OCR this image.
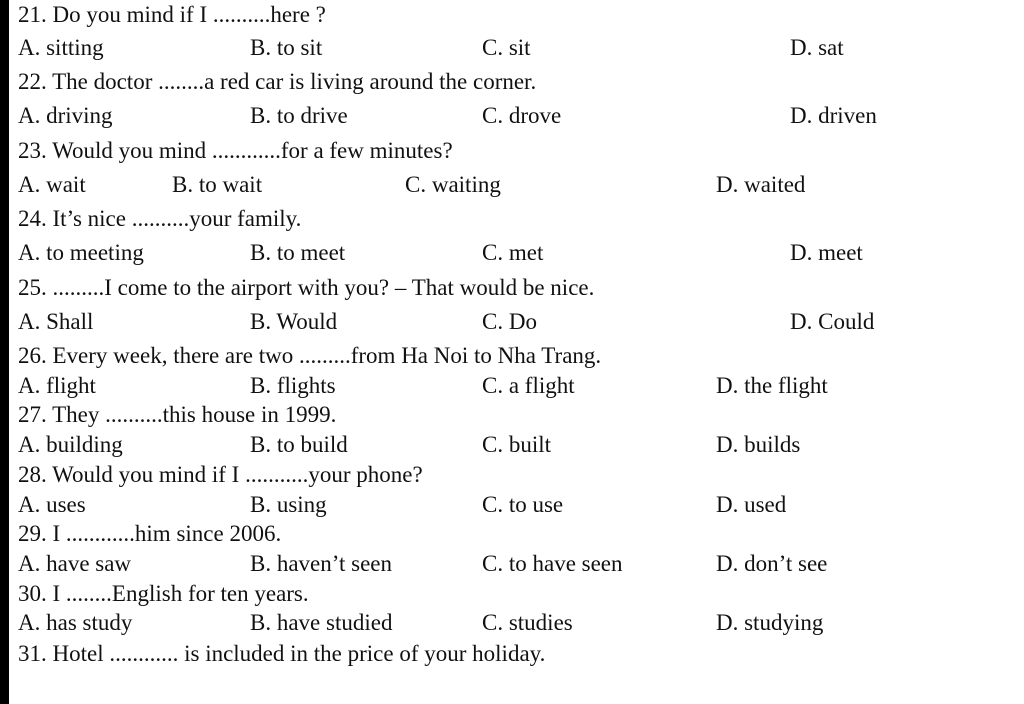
21. Do you mind if I ..........here ?
A. sitting	B. to sit	C. sit	D. sat
22. The doctor ........a red car is living around the corner.
A. driving	B. to drive	C. drove	D. driven
23. Would you mind ............for a few minutes?
A. wait	B. to wait	C. waiting	D. waited
24. It’s nice ..........your family.
A. to meeting	B. to meet	C. met	D. meet
25. .........I come to the airport with you? – That would be nice.
A. Shall	B. Would	C. Do	D. Could
26. Every week, there are two .........from Ha Noi to Nha Trang.
A. flight	B. flights	C. a flight	D. the flight
27. They ..........this house in 1999.
A. building	B. to build	C. built	D. builds
28. Would you mind if I ...........your phone?
A. uses	B. using	C. to use	D. used
29. I ............him since 2006.
A. have saw	B. haven’t seen	C. to have seen	D. don’t see
30. I ........English for ten years.
A. has study	B. have studied	C. studies	D. studying
31. Hotel ............ is included in the price of your holiday.
